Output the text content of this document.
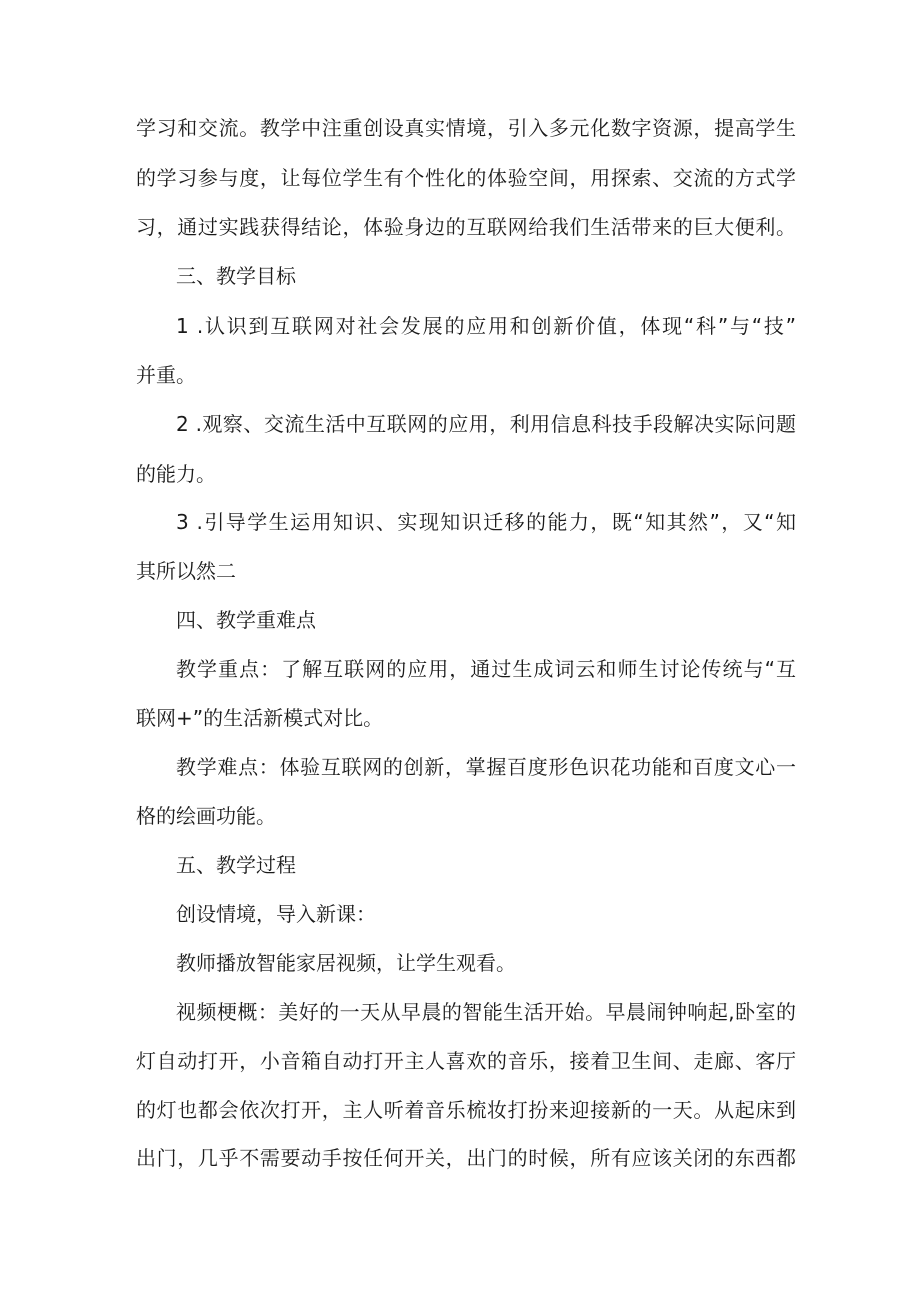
学习和交流。教学中注重创设真实情境，引入多元化数字资源，提高学生
的学习参与度，让每位学生有个性化的体验空间，用探索、交流的方式学
习，通过实践获得结论，体验身边的互联网给我们生活带来的巨大便利。
三、教学目标
1 .认识到互联网对社会发展的应用和创新价值，体现“科”与“技”
并重。
2 .观察、交流生活中互联网的应用，利用信息科技手段解决实际问题
的能力。
3 .引导学生运用知识、实现知识迁移的能力，既“知其然”，又“知
其所以然二
四、教学重难点
教学重点：了解互联网的应用，通过生成词云和师生讨论传统与“互
联网+”的生活新模式对比。
教学难点：体验互联网的创新，掌握百度形色识花功能和百度文心一
格的绘画功能。
五、教学过程
创设情境，导入新课：
教师播放智能家居视频，让学生观看。
视频梗概：美好的一天从早晨的智能生活开始。早晨闹钟响起,卧室的
灯自动打开，小音箱自动打开主人喜欢的音乐，接着卫生间、走廊、客厅
的灯也都会依次打开，主人听着音乐梳妆打扮来迎接新的一天。从起床到
出门，几乎不需要动手按任何开关，出门的时候，所有应该关闭的东西都
